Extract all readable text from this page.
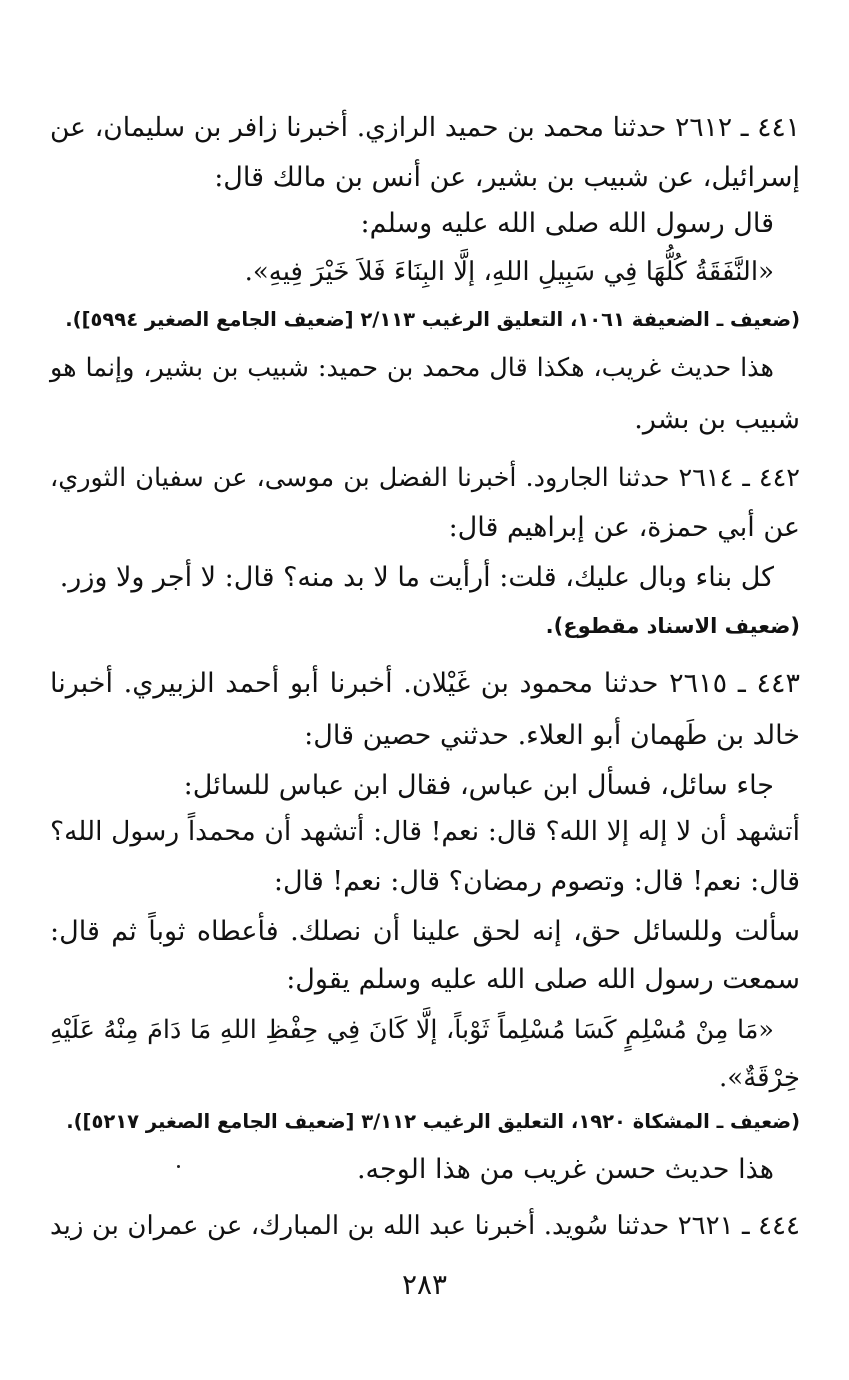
٤٤١ ـ ٢٦١٢ حدثنا محمد بن حميد الرازي. أخبرنا زافر بن سليمان، عن
إسرائيل، عن شبيب بن بشير، عن أنس بن مالك قال:
قال رسول الله صلى الله عليه وسلم:
«النَّفَقَةُ كُلُّهَا فِي سَبِيلِ اللهِ، إلَّا البِنَاءَ فَلاَ خَيْرَ فِيهِ».
(ضعيف ـ الضعيفة ١٠٦١، التعليق الرغيب ٢/١١٣ [ضعيف الجامع الصغير ٥٩٩٤]).
هذا حديث غريب، هكذا قال محمد بن حميد: شبيب بن بشير، وإنما هو
شبيب بن بشر.
٤٤٢ ـ ٢٦١٤ حدثنا الجارود. أخبرنا الفضل بن موسى، عن سفيان الثوري،
عن أبي حمزة، عن إبراهيم قال:
كل بناء وبال عليك، قلت: أرأيت ما لا بد منه؟ قال: لا أجر ولا وزر.
(ضعيف الاسناد مقطوع).
٤٤٣ ـ ٢٦١٥ حدثنا محمود بن غَيْلان. أخبرنا أبو أحمد الزبيري. أخبرنا
خالد بن طَهمان أبو العلاء. حدثني حصين قال:
جاء سائل، فسأل ابن عباس، فقال ابن عباس للسائل:
أتشهد أن لا إله إلا الله؟ قال: نعم! قال: أتشهد أن محمداً رسول الله؟
قال: نعم! قال: وتصوم رمضان؟ قال: نعم! قال:
سألت وللسائل حق، إنه لحق علينا أن نصلك. فأعطاه ثوباً ثم قال:
سمعت رسول الله صلى الله عليه وسلم يقول:
«مَا مِنْ مُسْلِمٍ كَسَا مُسْلِماً ثَوْباً، إلَّا كَانَ فِي حِفْظِ اللهِ مَا دَامَ مِنْهُ عَلَيْهِ
خِرْقَةٌ».
(ضعيف ـ المشكاة ١٩٢٠، التعليق الرغيب ٣/١١٢ [ضعيف الجامع الصغير ٥٢١٧]).
هذا حديث حسن غريب من هذا الوجه.
٤٤٤ ـ ٢٦٢١ حدثنا سُويد. أخبرنا عبد الله بن المبارك، عن عمران بن زيد
٢٨٣
